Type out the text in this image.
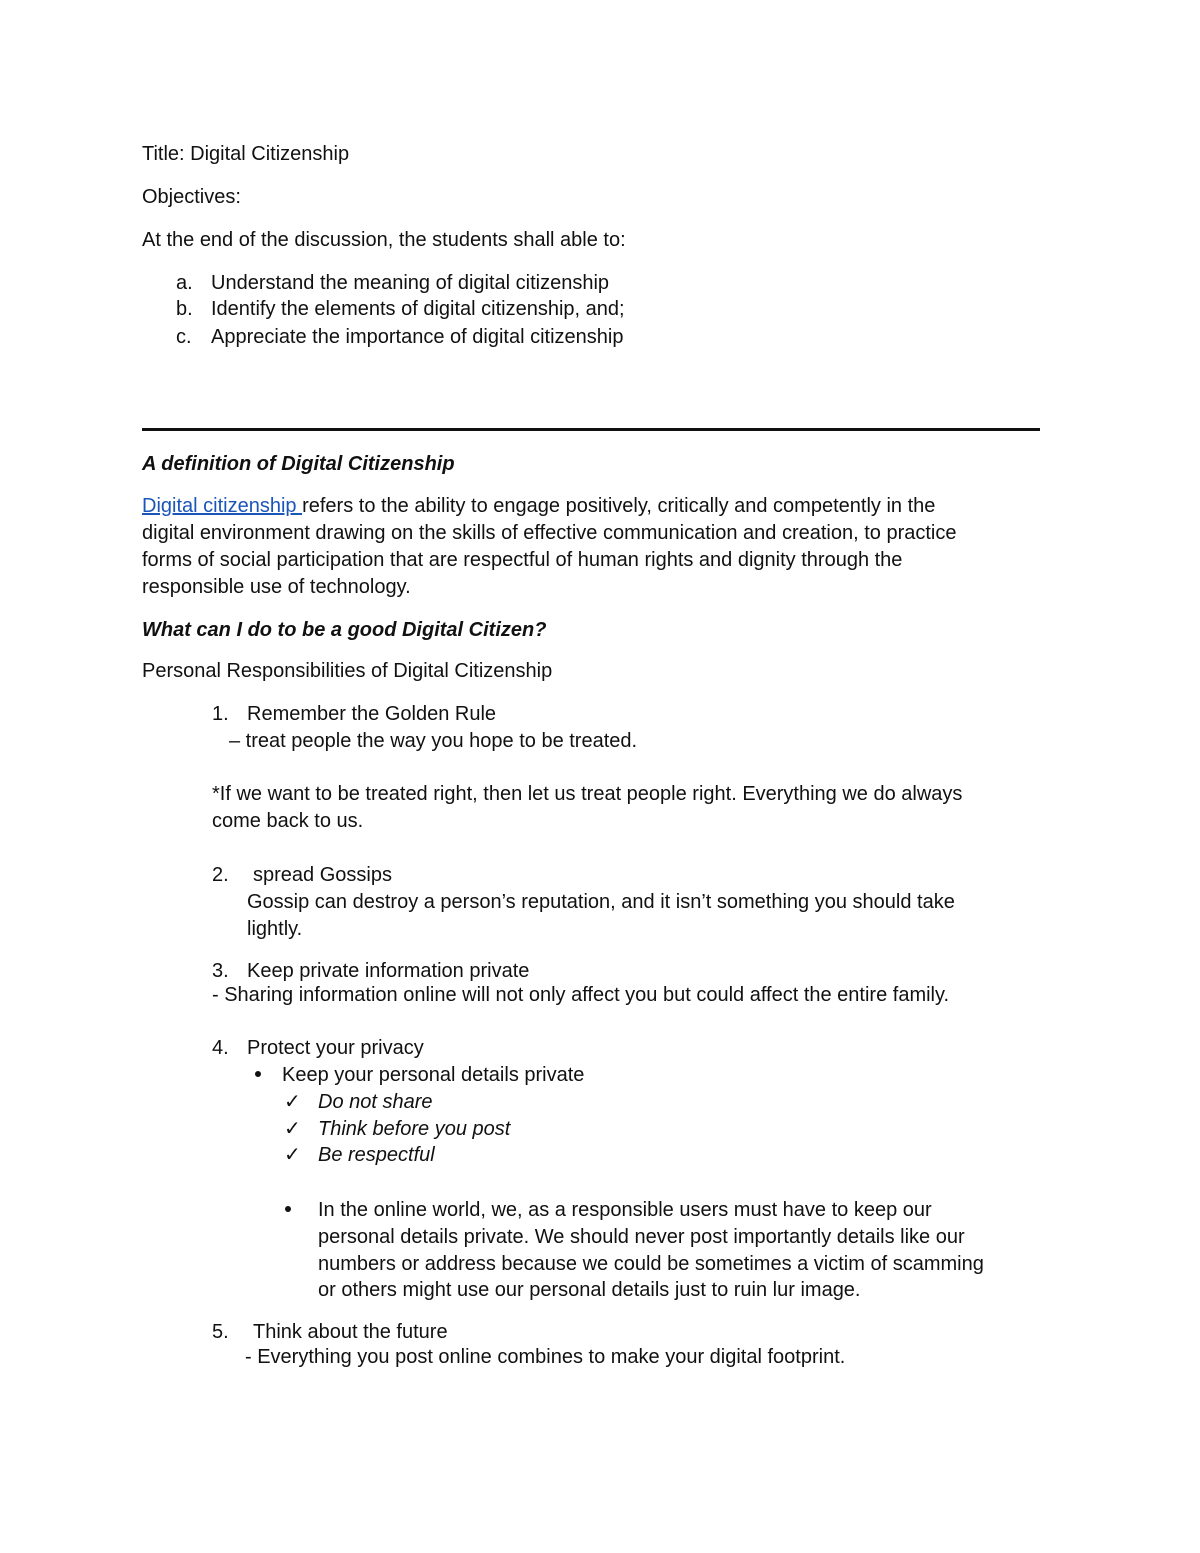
Title: Digital Citizenship
Objectives:
At the end of the discussion, the students shall able to:
a. Understand the meaning of digital citizenship
b. Identify the elements of digital citizenship, and;
c. Appreciate the importance of digital citizenship
A definition of Digital Citizenship
Digital citizenship refers to the ability to engage positively, critically and competently in the
digital environment drawing on the skills of effective communication and creation, to practice
forms of social participation that are respectful of human rights and dignity through the
responsible use of technology.
What can I do to be a good Digital Citizen?
Personal Responsibilities of Digital Citizenship
1. Remember the Golden Rule
– treat people the way you hope to be treated.
*If we want to be treated right, then let us treat people right. Everything we do always
come back to us.
2. spread Gossips
Gossip can destroy a person’s reputation, and it isn’t something you should take
lightly.
3. Keep private information private
- Sharing information online will not only affect you but could affect the entire family.
4. Protect your privacy
Keep your personal details private
✓ Do not share
✓ Think before you post
✓ Be respectful
In the online world, we, as a responsible users must have to keep our
personal details private. We should never post importantly details like our
numbers or address because we could be sometimes a victim of scamming
or others might use our personal details just to ruin lur image.
5. Think about the future
- Everything you post online combines to make your digital footprint.
